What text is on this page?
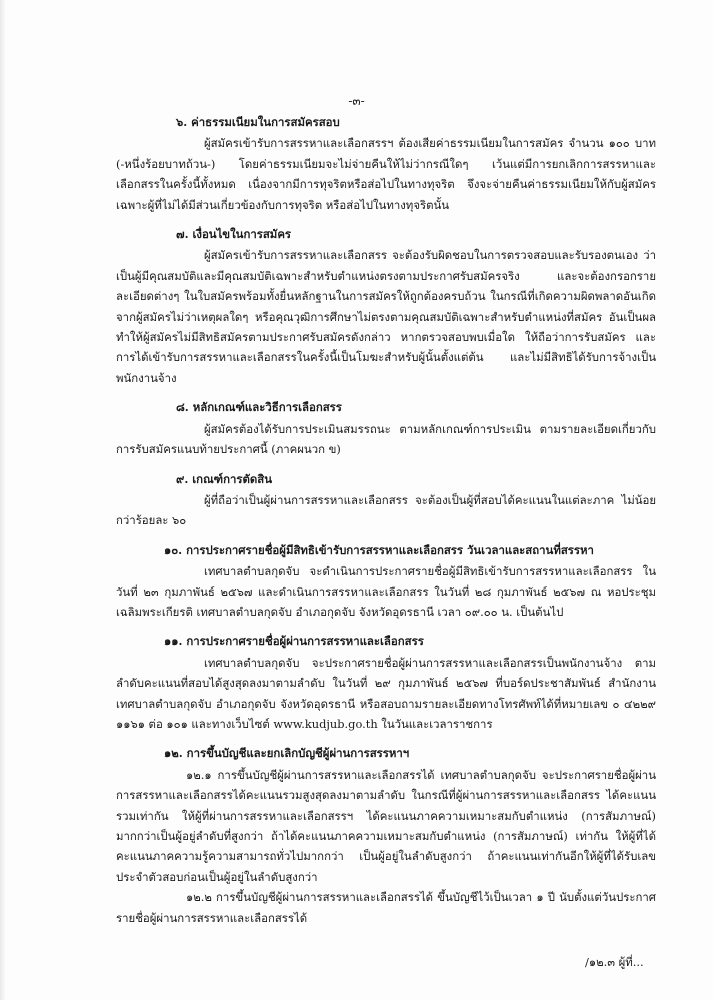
-๓-
๖. ค่าธรรมเนียมในการสมัครสอบ
ผู้สมัครเข้ารับการสรรหาและเลือกสรรฯ ต้องเสียค่าธรรมเนียมในการสมัคร จำนวน ๑๐๐ บาท (-หนึ่งร้อยบาทถ้วน-) โดยค่าธรรมเนียมจะไม่จ่ายคืนให้ไม่ว่ากรณีใดๆ เว้นแต่มีการยกเลิกการสรรหาและเลือกสรรในครั้งนี้ทั้งหมด เนื่องจากมีการทุจริตหรือส่อไปในทางทุจริต จึงจะจ่ายคืนค่าธรรมเนียมให้กับผู้สมัคร เฉพาะผู้ที่ไม่ได้มีส่วนเกี่ยวข้องกับการทุจริต หรือส่อไปในทางทุจริตนั้น
๗. เงื่อนไขในการสมัคร
ผู้สมัครเข้ารับการสรรหาและเลือกสรร จะต้องรับผิดชอบในการตรวจสอบและรับรองตนเอง ว่าเป็นผู้มีคุณสมบัติและมีคุณสมบัติเฉพาะสำหรับตำแหน่งตรงตามประกาศรับสมัครจริง และจะต้องกรอกรายละเอียดต่างๆ ในใบสมัครพร้อมทั้งยื่นหลักฐานในการสมัครให้ถูกต้องครบถ้วน ในกรณีที่เกิดความผิดพลาดอันเกิดจากผู้สมัครไม่ว่าเหตุผลใดๆ หรือคุณวุฒิการศึกษาไม่ตรงตามคุณสมบัติเฉพาะสำหรับตำแหน่งที่สมัคร อันเป็นผลทำให้ผู้สมัครไม่มีสิทธิสมัครตามประกาศรับสมัครดังกล่าว หากตรวจสอบพบเมื่อใด ให้ถือว่าการรับสมัคร และการได้เข้ารับการสรรหาและเลือกสรรในครั้งนี้เป็นโมฆะสำหรับผู้นั้นตั้งแต่ต้น และไม่มีสิทธิได้รับการจ้างเป็นพนักงานจ้าง
๘. หลักเกณฑ์และวิธีการเลือกสรร
ผู้สมัครต้องได้รับการประเมินสมรรถนะ ตามหลักเกณฑ์การประเมิน ตามรายละเอียดเกี่ยวกับการรับสมัครแนบท้ายประกาศนี้ (ภาคผนวก ข)
๙. เกณฑ์การตัดสิน
ผู้ที่ถือว่าเป็นผู้ผ่านการสรรหาและเลือกสรร จะต้องเป็นผู้ที่สอบได้คะแนนในแต่ละภาค ไม่น้อยกว่าร้อยละ ๖๐
๑๐. การประกาศรายชื่อผู้มีสิทธิเข้ารับการสรรหาและเลือกสรร วันเวลาและสถานที่สรรหา
เทศบาลตำบลกุดจับ จะดำเนินการประกาศรายชื่อผู้มีสิทธิเข้ารับการสรรหาและเลือกสรร ในวันที่ ๒๓ กุมภาพันธ์ ๒๕๖๗ และดำเนินการสรรหาและเลือกสรร ในวันที่ ๒๘ กุมภาพันธ์ ๒๕๖๗ ณ หอประชุมเฉลิมพระเกียรติ เทศบาลตำบลกุดจับ อำเภอกุดจับ จังหวัดอุดรธานี เวลา ๐๙.๐๐ น. เป็นต้นไป
๑๑. การประกาศรายชื่อผู้ผ่านการสรรหาและเลือกสรร
เทศบาลตำบลกุดจับ จะประกาศรายชื่อผู้ผ่านการสรรหาและเลือกสรรเป็นพนักงานจ้าง ตามลำดับคะแนนที่สอบได้สูงสุดลงมาตามลำดับ ในวันที่ ๒๙ กุมภาพันธ์ ๒๕๖๗ ที่บอร์ดประชาสัมพันธ์ สำนักงานเทศบาลตำบลกุดจับ อำเภอกุดจับ จังหวัดอุดรธานี หรือสอบถามรายละเอียดทางโทรศัพท์ได้ที่หมายเลข ๐ ๔๒๒๙ ๑๑๖๑ ต่อ ๑๐๑ และทางเว็บไซต์ www.kudjub.go.th ในวันและเวลาราชการ
๑๒. การขึ้นบัญชีและยกเลิกบัญชีผู้ผ่านการสรรหาฯ
๑๒.๑ การขึ้นบัญชีผู้ผ่านการสรรหาและเลือกสรรได้ เทศบาลตำบลกุดจับ จะประกาศรายชื่อผู้ผ่านการสรรหาและเลือกสรรได้คะแนนรวมสูงสุดลงมาตามลำดับ ในกรณีที่ผู้ผ่านการสรรหาและเลือกสรร ได้คะแนนรวมเท่ากัน ให้ผู้ที่ผ่านการสรรหาและเลือกสรรฯ ได้คะแนนภาคความเหมาะสมกับตำแหน่ง (การสัมภาษณ์) มากกว่าเป็นผู้อยู่ลำดับที่สูงกว่า ถ้าได้คะแนนภาคความเหมาะสมกับตำแหน่ง (การสัมภาษณ์) เท่ากัน ให้ผู้ที่ได้คะแนนภาคความรู้ความสามารถทั่วไปมากกว่า เป็นผู้อยู่ในลำดับสูงกว่า ถ้าคะแนนเท่ากันอีกให้ผู้ที่ได้รับเลขประจำตัวสอบก่อนเป็นผู้อยู่ในลำดับสูงกว่า
๑๒.๒ การขึ้นบัญชีผู้ผ่านการสรรหาและเลือกสรรได้ ขึ้นบัญชีไว้เป็นเวลา ๑ ปี นับตั้งแต่วันประกาศรายชื่อผู้ผ่านการสรรหาและเลือกสรรได้
/๑๒.๓ ผู้ที่...
